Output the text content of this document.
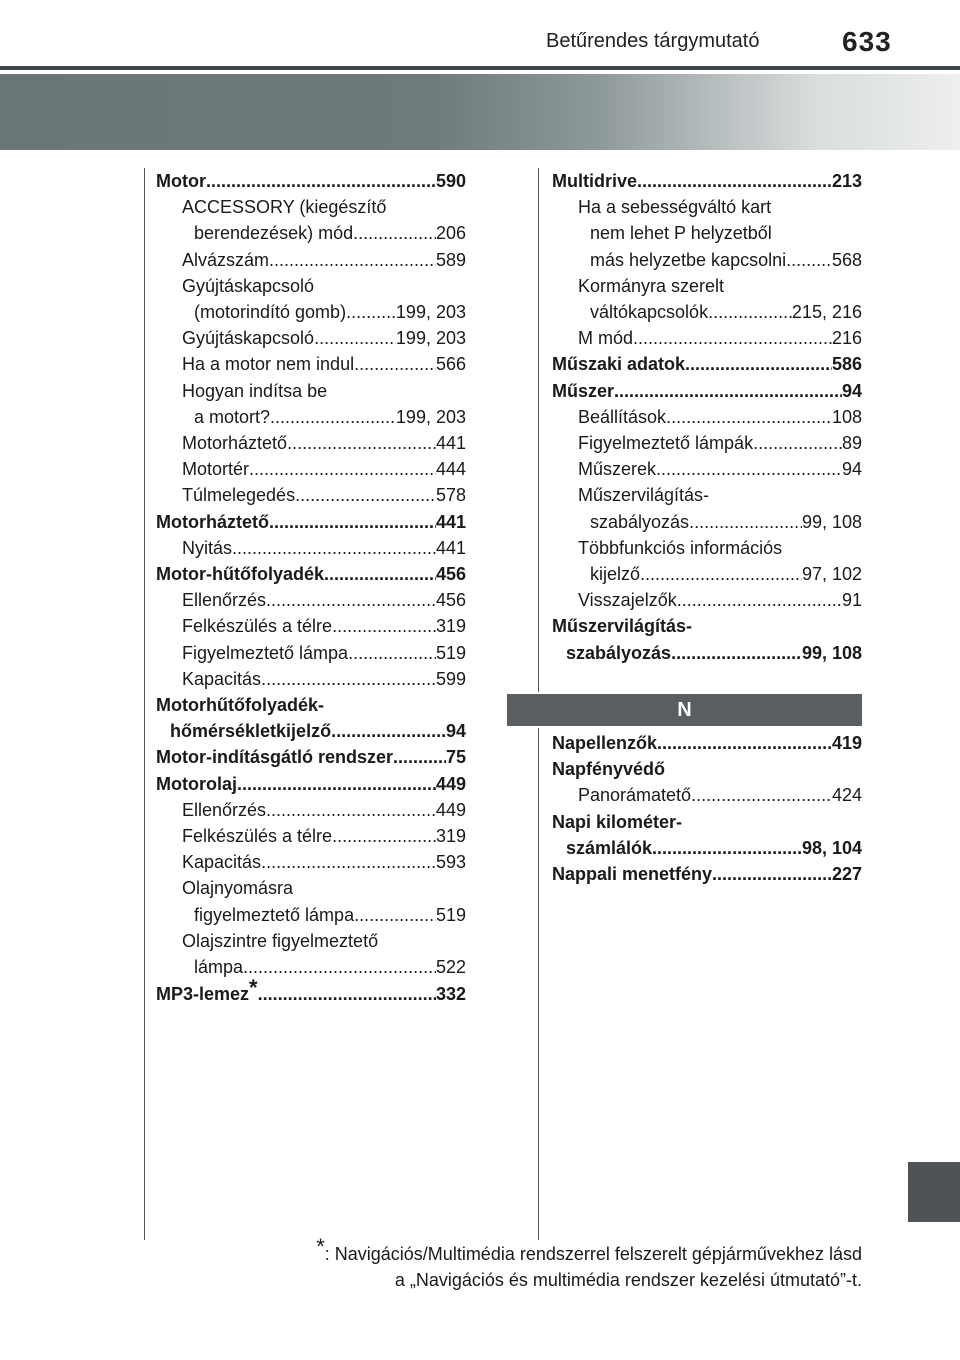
Betűrendes tárgymutató	633
Motor .....	590
ACCESSORY (kiegészítő
berendezések) mód .....	206
Alvázszám .....	589
Gyújtáskapcsoló
(motorindító gomb) .....	199, 203
Gyújtáskapcsoló .....	199, 203
Ha a motor nem indul .....	566
Hogyan indítsa be
a motort? .....	199, 203
Motorháztető .....	441
Motortér .....	444
Túlmelegedés .....	578
Motorháztető .....	441
Nyitás .....	441
Motor-hűtőfolyadék .....	456
Ellenőrzés .....	456
Felkészülés a télre .....	319
Figyelmeztető lámpa .....	519
Kapacitás .....	599
Motorhűtőfolyadék-
hőmérsékletkijelző .....	94
Motor-indításgátló rendszer .....	75
Motorolaj .....	449
Ellenőrzés .....	449
Felkészülés a télre .....	319
Kapacitás .....	593
Olajnyomásra
figyelmeztető lámpa .....	519
Olajszintre figyelmeztető
lámpa .....	522
MP3-lemez* .....	332
Multidrive .....	213
Ha a sebességváltó kart
nem lehet P helyzetből
más helyzetbe kapcsolni .....	568
Kormányra szerelt
váltókapcsolók .....	215, 216
M mód .....	216
Műszaki adatok .....	586
Műszer .....	94
Beállítások .....	108
Figyelmeztető lámpák .....	89
Műszerek .....	94
Műszervilágítás-
szabályozás .....	99, 108
Többfunkciós információs
kijelző .....	97, 102
Visszajelzők .....	91
Műszervilágítás-
szabályozás .....	99, 108
N
Napellenzők .....	419
Napfényvédő
Panorámatető .....	424
Napi kilométer-
számlálók .....	98, 104
Nappali menetfény .....	227
*: Navigációs/Multimédia rendszerrel felszerelt gépjárművekhez lásd
a „Navigációs és multimédia rendszer kezelési útmutató”-t.
